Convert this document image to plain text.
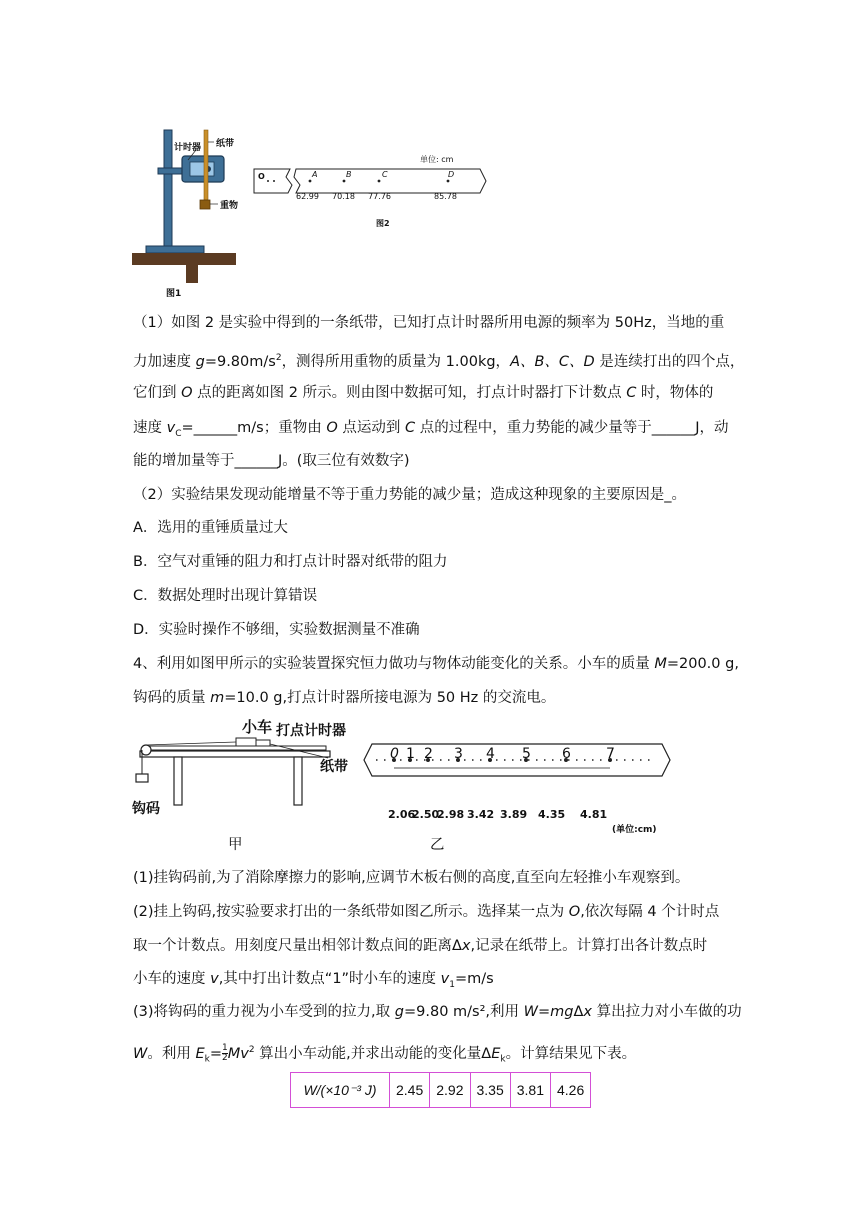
计时器 纸带
重物
图1
单位: cm
O	A	B	C	D
62.99 70.18 77.76	85.78
图2
（1）如图 2 是实验中得到的一条纸带，已知打点计时器所用电源的频率为 50Hz，当地的重
力加速度 $g=9.80m/s^2$，测得所用重物的质量为 1.00kg，A、B、C、D 是连续打出的四个点，
它们到 O 点的距离如图 2 所示。则由图中数据可知，打点计时器打下计数点 C 时，物体的
速度 $v_C=\_\_\_\_\_\_m/s$；重物由 O 点运动到 C 点的过程中，重力势能的减少量等于______J，动
能的增加量等于______J。(取三位有效数字)
（2）实验结果发现动能增量不等于重力势能的减少量；造成这种现象的主要原因是_。
A．选用的重锤质量过大
B．空气对重锤的阻力和打点计时器对纸带的阻力
C．数据处理时出现计算错误
D．实验时操作不够细，实验数据测量不准确
4、利用如图甲所示的实验装置探究恒力做功与物体动能变化的关系。小车的质量 M=200.0 g,
钩码的质量 m=10.0 g,打点计时器所接电源为 50 Hz 的交流电。
小车 打点计时器
纸带
钩码
0 1 2 3 4 5 6	7
2.06
2.50
2.98 3.42 3.89 4.35 4.81
(单位:cm)
甲	乙
(1)挂钩码前,为了消除摩擦力的影响,应调节木板右侧的高度,直至向左轻推小车观察到。
(2)挂上钩码,按实验要求打出的一条纸带如图乙所示。选择某一点为 O,依次每隔 4 个计时点
取一个计数点。用刻度尺量出相邻计数点间的距离Δx,记录在纸带上。计算打出各计数点时
小车的速度 v,其中打出计数点“1”时小车的速度 $v_1=m/s$
(3)将钩码的重力视为小车受到的拉力,取 g=9.80 m/s²,利用 W=mgΔx 算出拉力对小车做的功
W。利用 $E_k= \frac{1}{2} Mv^2$ 算出小车动能,并求出动能的变化量$\Delta E_k$。计算结果见下表。
W/(×10⁻³ J)	2.45	2.92	3.35	3.81	4.26
